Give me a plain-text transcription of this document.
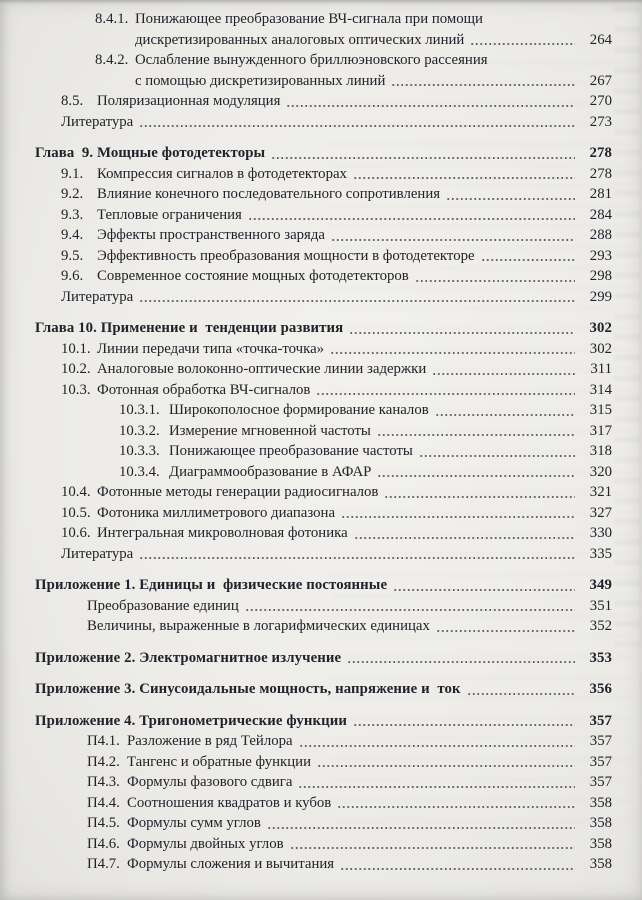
8.4.1. Понижающее преобразование ВЧ-сигнала при помощи
дискретизированных аналоговых оптических линий	264
8.4.2. Ослабление вынужденного бриллюэновского рассеяния
с помощью дискретизированных линий	267
8.5. Поляризационная модуляция	270
Литература	273
Глава  9. Мощные фотодетекторы	278
9.1. Компрессия сигналов в фотодетекторах	278
9.2. Влияние конечного последовательного сопротивления	281
9.3. Тепловые ограничения	284
9.4. Эффекты пространственного заряда	288
9.5. Эффективность преобразования мощности в фотодетекторе	293
9.6. Современное состояние мощных фотодетекторов	298
Литература	299
Глава 10. Применение и  тенденции развития	302
10.1. Линии передачи типа «точка-точка»	302
10.2. Аналоговые волоконно-оптические линии задержки	311
10.3. Фотонная обработка ВЧ-сигналов	314
10.3.1. Широкополосное формирование каналов	315
10.3.2. Измерение мгновенной частоты	317
10.3.3. Понижающее преобразование частоты	318
10.3.4. Диаграммообразование в АФАР	320
10.4. Фотонные методы генерации радиосигналов	321
10.5. Фотоника миллиметрового диапазона	327
10.6. Интегральная микроволновая фотоника	330
Литература	335
Приложение 1. Единицы и  физические постоянные	349
Преобразование единиц	351
Величины, выраженные в логарифмических единицах	352
Приложение 2. Электромагнитное излучение	353
Приложение 3. Синусоидальные мощность, напряжение и  ток	356
Приложение 4. Тригонометрические функции	357
П4.1. Разложение в ряд Тейлора	357
П4.2. Тангенс и обратные функции	357
П4.3. Формулы фазового сдвига	357
П4.4. Соотношения квадратов и кубов	358
П4.5. Формулы сумм углов	358
П4.6. Формулы двойных углов	358
П4.7. Формулы сложения и вычитания	358
